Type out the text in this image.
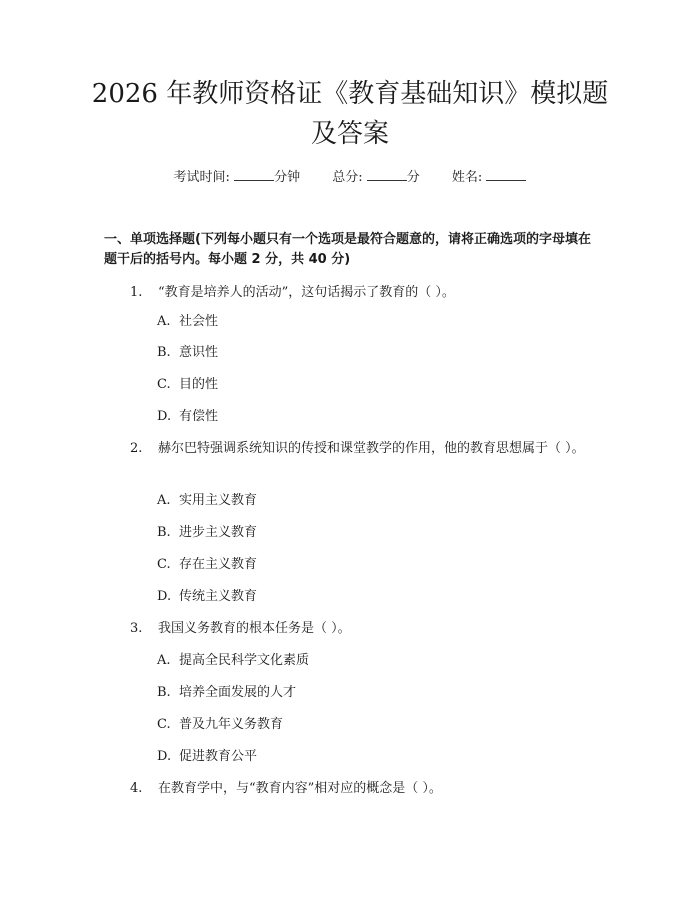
2026 年教师资格证《教育基础知识》模拟题
及答案
考试时间:	分钟 总分:	分 姓名:

一、单项选择题(下列每小题只有一个选项是最符合题意的，请将正确选项的字母填在题干后的括号内。每小题 2 分，共 40 分)

1. “教育是培养人的活动”，这句话揭示了教育的（ ）。
A. 社会性
B. 意识性
C. 目的性
D. 有偿性
2. 赫尔巴特强调系统知识的传授和课堂教学的作用，他的教育思想属于（ ）。
A. 实用主义教育
B. 进步主义教育
C. 存在主义教育
D. 传统主义教育
3. 我国义务教育的根本任务是（ ）。
A. 提高全民科学文化素质
B. 培养全面发展的人才
C. 普及九年义务教育
D. 促进教育公平
4. 在教育学中，与“教育内容”相对应的概念是（ ）。
